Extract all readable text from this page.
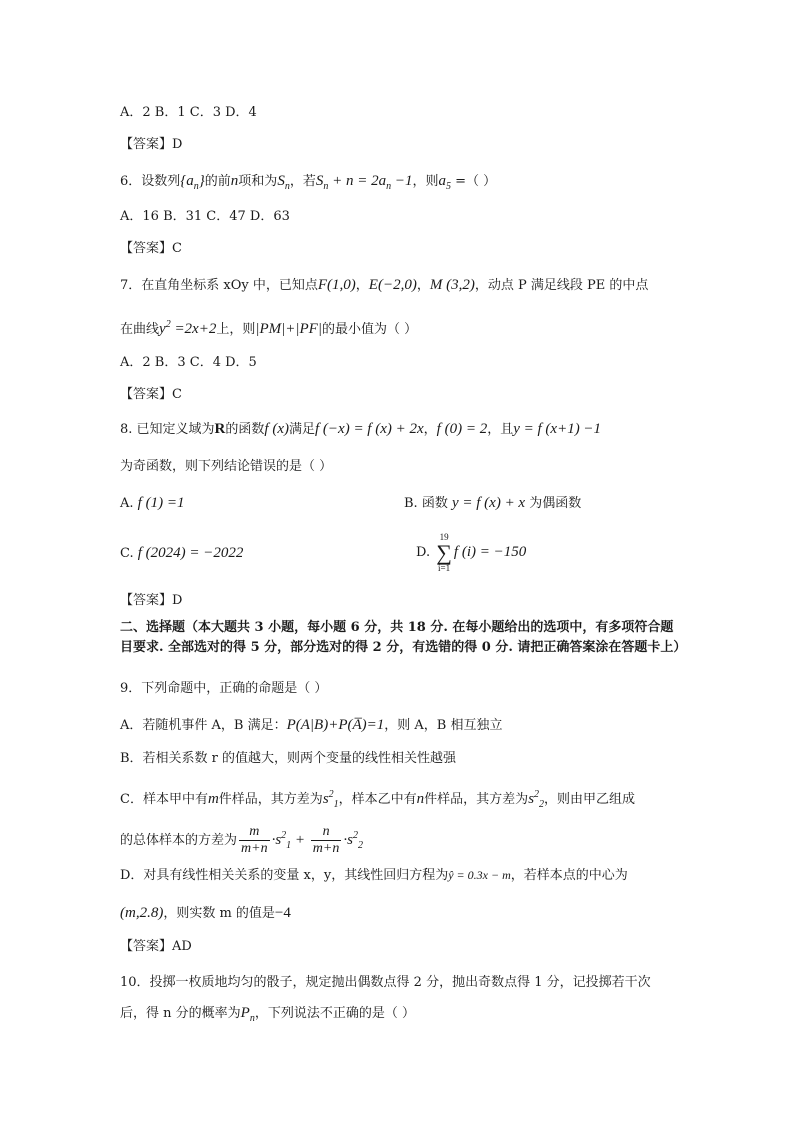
A．2 B．1 C．3 D．4
【答案】D
6．设数列$\{a_n\}$的前n项和为$S_n$，若$S_n + n = 2a_n -1$，则$a_5$ =（ ）
A．16 B．31 C．47 D．63
【答案】C
7．在直角坐标系 xOy 中，已知点F(1,0)，E(−2,0)，M (3,2)，动点 P 满足线段 PE 的中点
在曲线$y^2 =2x+2$上，则|PM|+|PF|的最小值为（ ）
A．2 B．3 C．4 D．5
【答案】C
8. 已知定义域为R的函数f (x)满足f (−x) = f (x) + 2x，f (0) = 2，且y = f (x+1) −1
为奇函数，则下列结论错误的是（ ）
A. f (1) =1	B. 函数 y = f (x) + x 为偶函数
C. f (2024) = −2022	D.
19
∑
i=1
f (i) = −150
【答案】D
二、选择题（本大题共 3 小题，每小题 6 分，共 18 分. 在每小题给出的选项中，有多项符合题目要求. 全部选对的得 5 分，部分选对的得 2 分，有选错的得 0 分. 请把正确答案涂在答题卡上）
9．下列命题中，正确的命题是（ ）
A．若随机事件 A，B 满足：P(A|B)+P(A̅)=1，则 A，B 相互独立
B．若相关系数 r 的值越大，则两个变量的线性相关性越强
C．样本甲中有m件样品，其方差为$s^2_1$，样本乙中有n件样品，其方差为$s^2_2$，则由甲乙组成
的总体样本的方差为 $\frac{m}{m+n} \cdot s^2_1 + \frac{n}{m+n} \cdot s^2_2$
D．对具有线性相关关系的变量 x，y，其线性回归方程为ŷ = 0.3x − m，若样本点的中心为
(m,2.8)，则实数 m 的值是−4
【答案】AD
10．投掷一枚质地均匀的骰子，规定抛出偶数点得 2 分，抛出奇数点得 1 分，记投掷若干次
后，得 n 分的概率为$P_n$，下列说法不正确的是（ ）
